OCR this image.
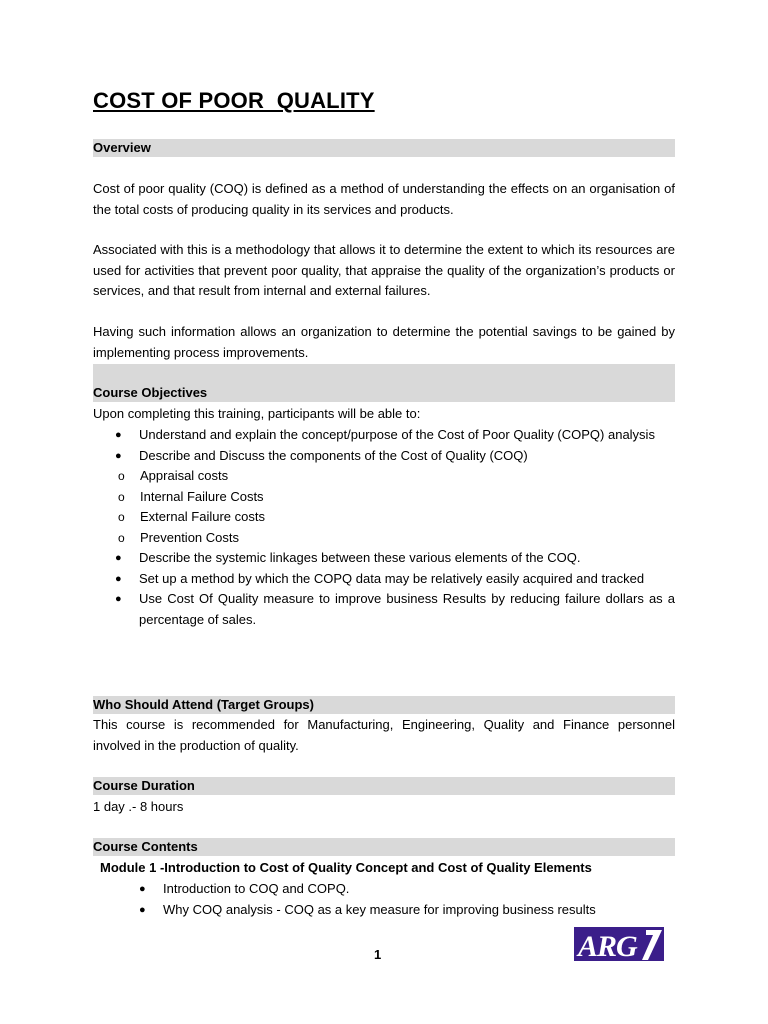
COST OF POOR  QUALITY
Overview

Cost of poor quality (COQ) is defined as a method of understanding the effects on an organisation of the total costs of producing quality in its services and products.

Associated with this is a methodology that allows it to determine the extent to which its resources are used for activities that prevent poor quality, that appraise the quality of the organization’s products or services, and that result from internal and external failures.

Having such information allows an organization to determine the potential savings to be gained by implementing process improvements.

Course Objectives

Upon completing this training, participants will be able to:

● Understand and explain the concept/purpose of the Cost of Poor Quality (COPQ) analysis
● Describe and Discuss the components of the Cost of Quality (COQ)
o Appraisal costs
o Internal Failure Costs
o External Failure costs
o Prevention Costs
● Describe the systemic linkages between these various elements of the COQ.
● Set up a method by which the COPQ data may be relatively easily acquired and tracked
● Use Cost Of Quality measure to improve business Results by reducing failure dollars as a percentage of sales.
Who Should Attend (Target Groups)

This course is recommended for Manufacturing, Engineering, Quality and Finance personnel involved in the production of quality.

Course Duration

1 day .- 8 hours

Course Contents

Module 1 -Introduction to Cost of Quality Concept and Cost of Quality Elements

● Introduction to COQ and COPQ.
● Why COQ analysis - COQ as a key measure for improving business results
1	ARG
